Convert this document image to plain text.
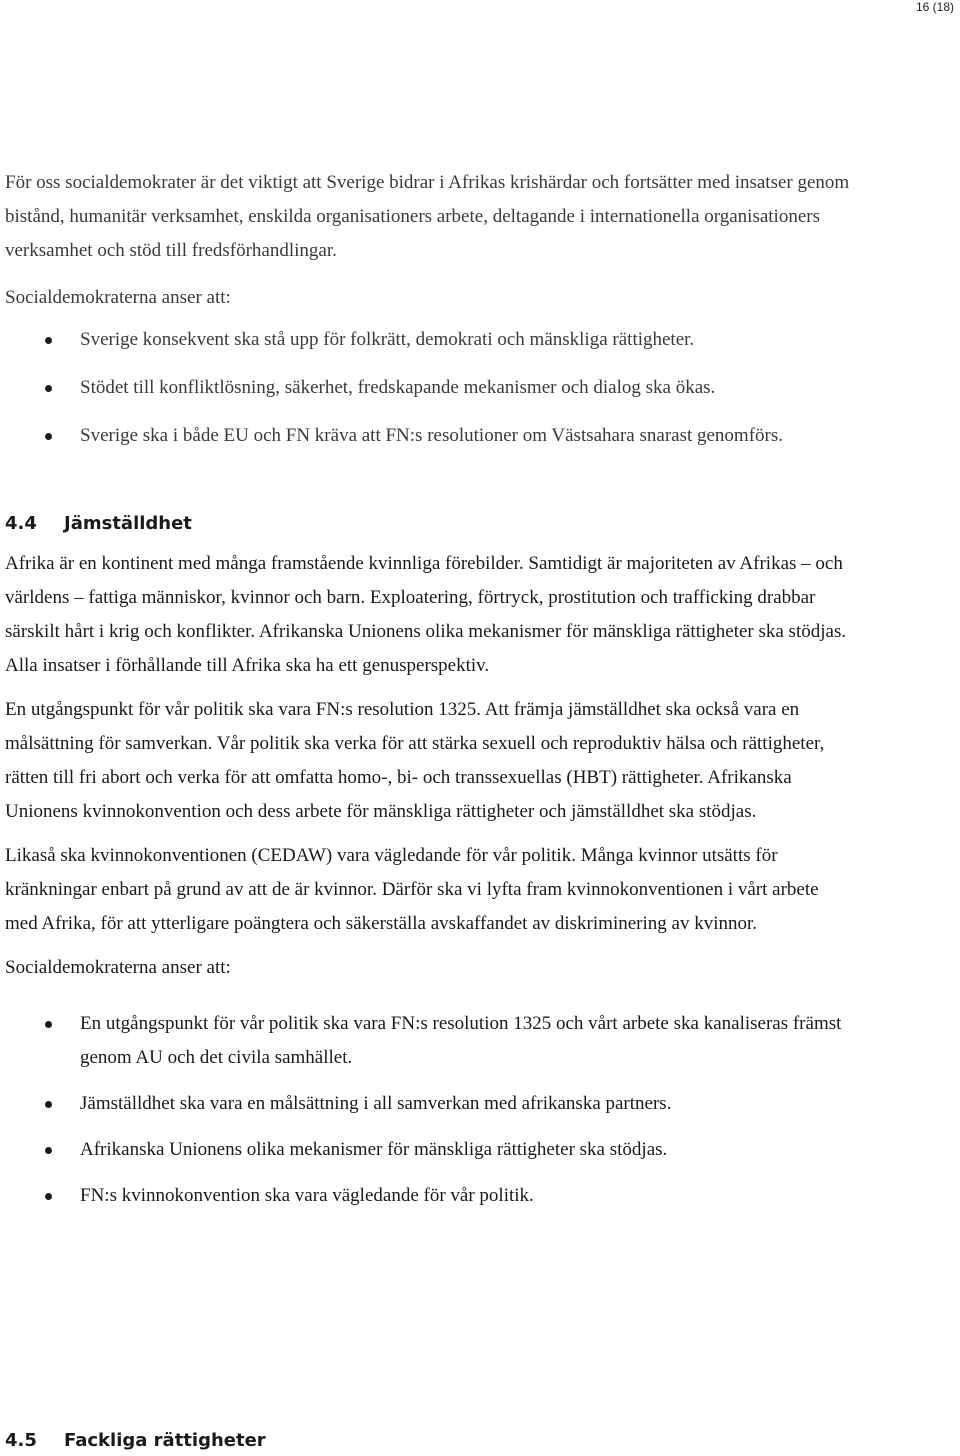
16 (18)

För oss socialdemokrater är det viktigt att Sverige bidrar i Afrikas krishärdar och fortsätter med insatser genom bistånd, humanitär verksamhet, enskilda organisationers arbete, deltagande i internationella organisationers verksamhet och stöd till fredsförhandlingar.

Socialdemokraterna anser att:

Sverige konsekvent ska stå upp för folkrätt, demokrati och mänskliga rättigheter.
Stödet till konfliktlösning, säkerhet, fredskapande mekanismer och dialog ska ökas.
Sverige ska i både EU och FN kräva att FN:s resolutioner om Västsahara snarast genomförs.
4.4	Jämställdhet

Afrika är en kontinent med många framstående kvinnliga förebilder. Samtidigt är majoriteten av Afrikas – och världens – fattiga människor, kvinnor och barn. Exploatering, förtryck, prostitution och trafficking drabbar särskilt hårt i krig och konflikter. Afrikanska Unionens olika mekanismer för mänskliga rättigheter ska stödjas. Alla insatser i förhållande till Afrika ska ha ett genusperspektiv.

En utgångspunkt för vår politik ska vara FN:s resolution 1325. Att främja jämställdhet ska också vara en målsättning för samverkan. Vår politik ska verka för att stärka sexuell och reproduktiv hälsa och rättigheter, rätten till fri abort och verka för att omfatta homo-, bi- och transsexuellas (HBT) rättigheter. Afrikanska Unionens kvinnokonvention och dess arbete för mänskliga rättigheter och jämställdhet ska stödjas.

Likaså ska kvinnokonventionen (CEDAW) vara vägledande för vår politik. Många kvinnor utsätts för kränkningar enbart på grund av att de är kvinnor. Därför ska vi lyfta fram kvinnokonventionen i vårt arbete med Afrika, för att ytterligare poängtera och säkerställa avskaffandet av diskriminering av kvinnor.

Socialdemokraterna anser att:

En utgångspunkt för vår politik ska vara FN:s resolution 1325 och vårt arbete ska kanaliseras främst genom AU och det civila samhället.
Jämställdhet ska vara en målsättning i all samverkan med afrikanska partners.
Afrikanska Unionens olika mekanismer för mänskliga rättigheter ska stödjas.
FN:s kvinnokonvention ska vara vägledande för vår politik.
4.5	Fackliga rättigheter
